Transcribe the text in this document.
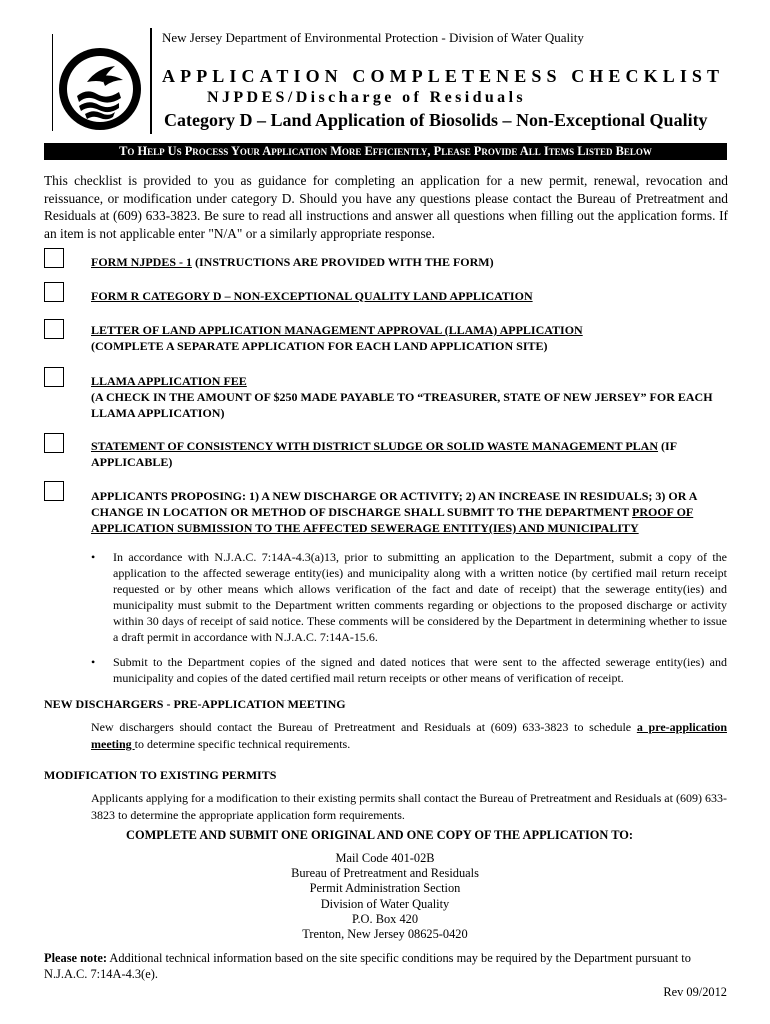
New Jersey Department of Environmental Protection - Division of Water Quality
APPLICATION COMPLETENESS CHECKLIST
NJPDES/Discharge of Residuals
Category D – Land Application of Biosolids – Non-Exceptional Quality
To Help Us Process Your Application More Efficiently, Please Provide All Items Listed Below
This checklist is provided to you as guidance for completing an application for a new permit, renewal, revocation and reissuance, or modification under category D. Should you have any questions please contact the Bureau of Pretreatment and Residuals at (609) 633-3823. Be sure to read all instructions and answer all questions when filling out the application forms. If an item is not applicable enter "N/A" or a similarly appropriate response.
FORM NJPDES - 1 (INSTRUCTIONS ARE PROVIDED WITH THE FORM)
FORM R CATEGORY D – NON-EXCEPTIONAL QUALITY LAND APPLICATION
LETTER OF LAND APPLICATION MANAGEMENT APPROVAL (LLAMA) APPLICATION
(COMPLETE A SEPARATE APPLICATION FOR EACH LAND APPLICATION SITE)
LLAMA APPLICATION FEE
(A CHECK IN THE AMOUNT OF $250 MADE PAYABLE TO “TREASURER, STATE OF NEW JERSEY” FOR EACH LLAMA APPLICATION)
STATEMENT OF CONSISTENCY WITH DISTRICT SLUDGE OR SOLID WASTE MANAGEMENT PLAN (IF APPLICABLE)
APPLICANTS PROPOSING: 1) A NEW DISCHARGE OR ACTIVITY; 2) AN INCREASE IN RESIDUALS; 3) OR A CHANGE IN LOCATION OR METHOD OF DISCHARGE SHALL SUBMIT TO THE DEPARTMENT PROOF OF APPLICATION SUBMISSION TO THE AFFECTED SEWERAGE ENTITY(IES) AND MUNICIPALITY
• In accordance with N.J.A.C. 7:14A-4.3(a)13, prior to submitting an application to the Department, submit a copy of the application to the affected sewerage entity(ies) and municipality along with a written notice (by certified mail return receipt requested or by other means which allows verification of the fact and date of receipt) that the sewerage entity(ies) and municipality must submit to the Department written comments regarding or objections to the proposed discharge or activity within 30 days of receipt of said notice. These comments will be considered by the Department in determining whether to issue a draft permit in accordance with N.J.A.C. 7:14A-15.6.
• Submit to the Department copies of the signed and dated notices that were sent to the affected sewerage entity(ies) and municipality and copies of the dated certified mail return receipts or other means of verification of receipt.
NEW DISCHARGERS - PRE-APPLICATION MEETING
New dischargers should contact the Bureau of Pretreatment and Residuals at (609) 633-3823 to schedule a pre-application meeting to determine specific technical requirements.
MODIFICATION TO EXISTING PERMITS
Applicants applying for a modification to their existing permits shall contact the Bureau of Pretreatment and Residuals at (609) 633-3823 to determine the appropriate application form requirements.
COMPLETE AND SUBMIT ONE ORIGINAL AND ONE COPY OF THE APPLICATION TO:
Mail Code 401-02B
Bureau of Pretreatment and Residuals
Permit Administration Section
Division of Water Quality
P.O. Box 420
Trenton, New Jersey 08625-0420
Please note: Additional technical information based on the site specific conditions may be required by the Department pursuant to N.J.A.C. 7:14A-4.3(e).
Rev 09/2012
